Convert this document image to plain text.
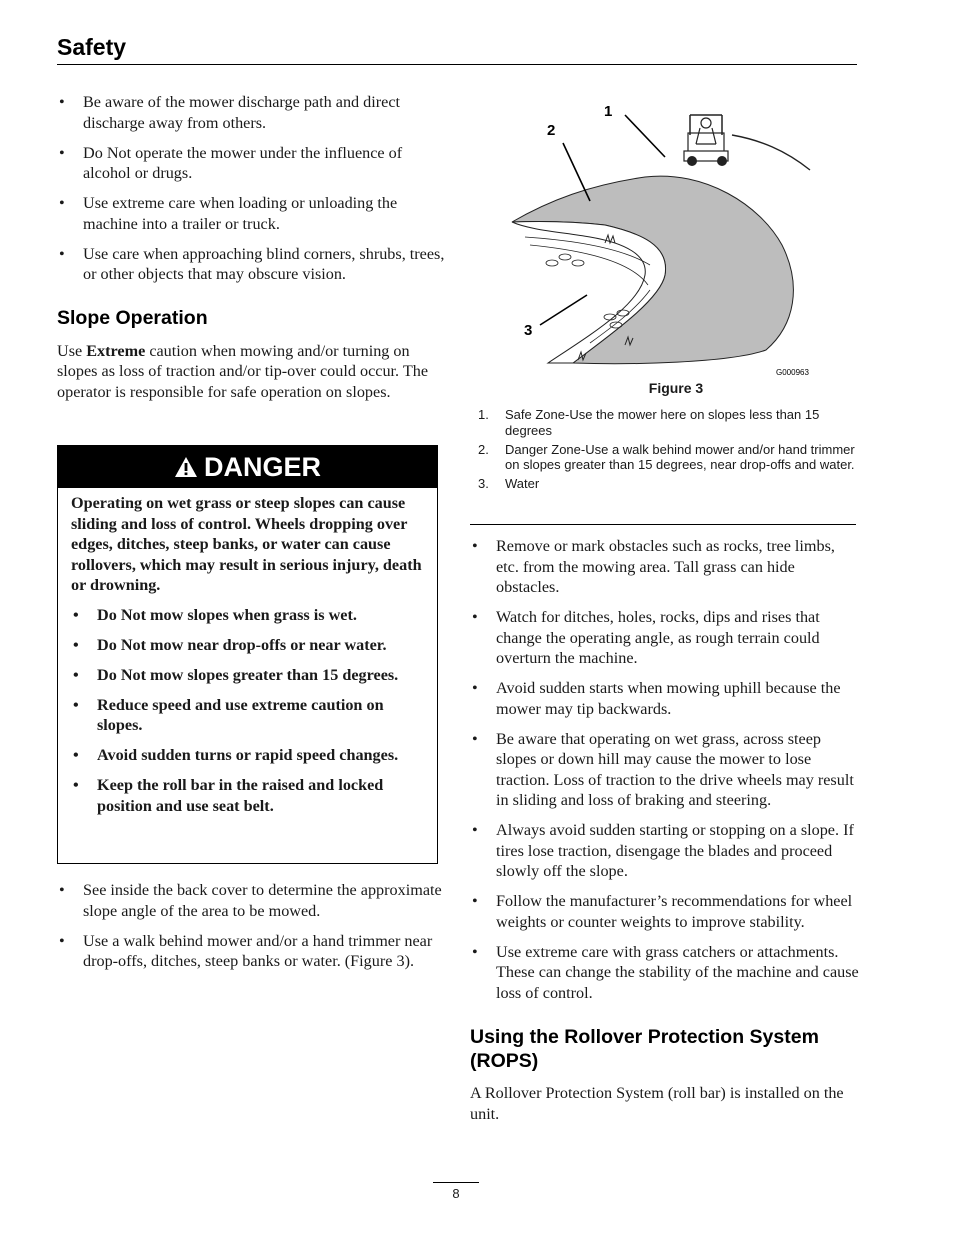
Safety
• Be aware of the mower discharge path and direct discharge away from others.
• Do Not operate the mower under the influence of alcohol or drugs.
• Use extreme care when loading or unloading the machine into a trailer or truck.
• Use care when approaching blind corners, shrubs, trees, or other objects that may obscure vision.
Slope Operation

Use Extreme caution when mowing and/or turning on slopes as loss of traction and/or tip-over could occur. The operator is responsible for safe operation on slopes.

DANGER

Operating on wet grass or steep slopes can cause sliding and loss of control. Wheels dropping over edges, ditches, steep banks, or water can cause rollovers, which may result in serious injury, death or drowning.

• Do Not mow slopes when grass is wet.
• Do Not mow near drop-offs or near water.
• Do Not mow slopes greater than 15 degrees.
• Reduce speed and use extreme caution on slopes.
• Avoid sudden turns or rapid speed changes.
• Keep the roll bar in the raised and locked position and use seat belt.
• See inside the back cover to determine the approximate slope angle of the area to be mowed.
• Use a walk behind mower and/or a hand trimmer near drop-offs, ditches, steep banks or water. (Figure 3).
1
2
3
G000963
Figure 3
1. Safe Zone-Use the mower here on slopes less than 15 degrees
2. Danger Zone-Use a walk behind mower and/or hand trimmer on slopes greater than 15 degrees, near drop-offs and water.
3. Water
• Remove or mark obstacles such as rocks, tree limbs, etc. from the mowing area. Tall grass can hide obstacles.
• Watch for ditches, holes, rocks, dips and rises that change the operating angle, as rough terrain could overturn the machine.
• Avoid sudden starts when mowing uphill because the mower may tip backwards.
• Be aware that operating on wet grass, across steep slopes or down hill may cause the mower to lose traction. Loss of traction to the drive wheels may result in sliding and loss of braking and steering.
• Always avoid sudden starting or stopping on a slope. If tires lose traction, disengage the blades and proceed slowly off the slope.
• Follow the manufacturer’s recommendations for wheel weights or counter weights to improve stability.
• Use extreme care with grass catchers or attachments. These can change the stability of the machine and cause loss of control.
Using the Rollover Protection System (ROPS)

A Rollover Protection System (roll bar) is installed on the unit.

8
